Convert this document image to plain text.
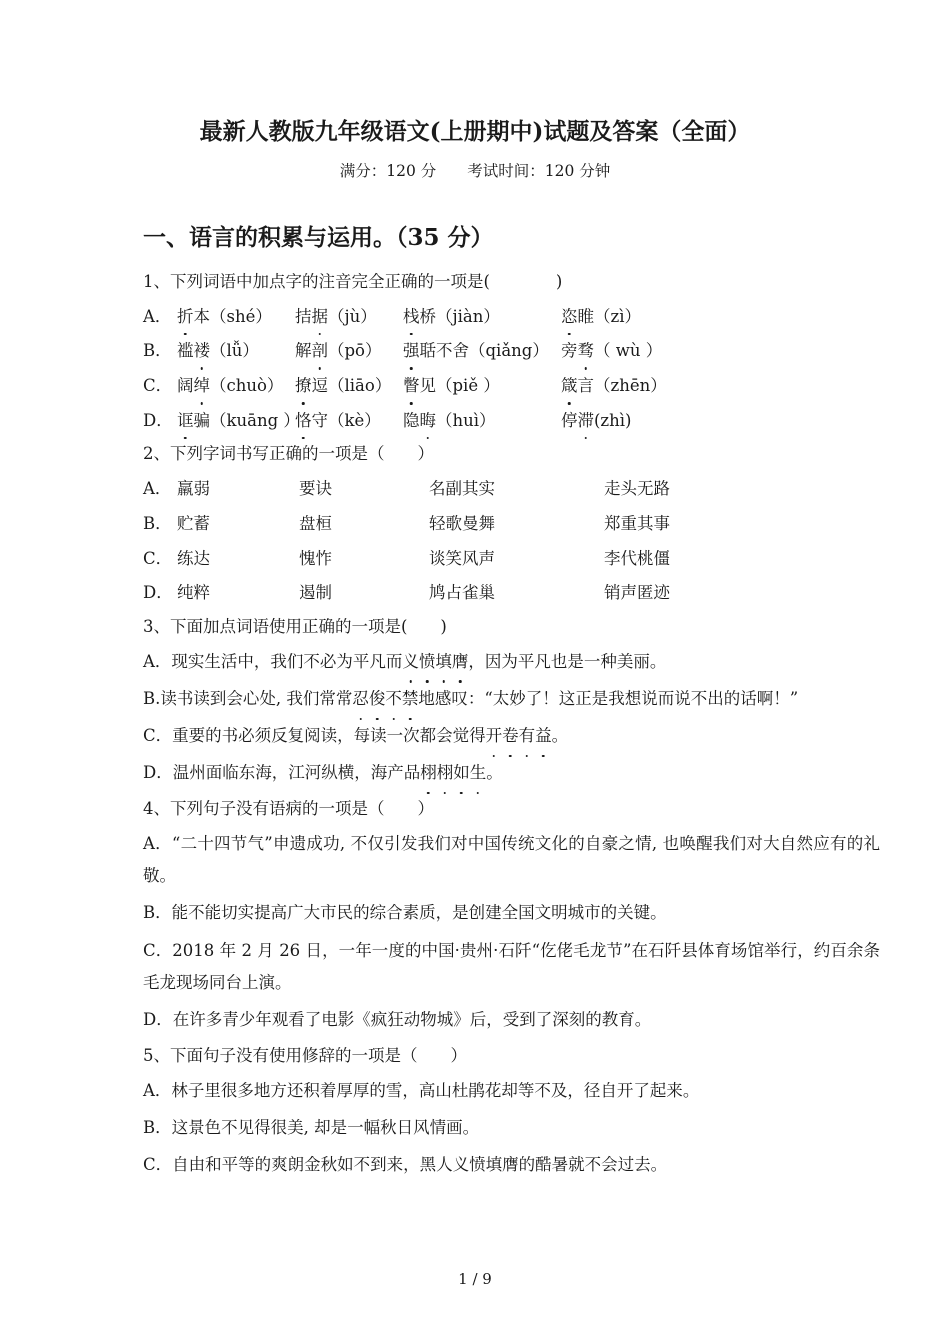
最新人教版九年级语文(上册期中)试题及答案（全面）
满分：120 分　　考试时间：120 分钟
一、语言的积累与运用。（35 分）

1、下列词语中加点字的注音完全正确的一项是(　　　　)

A． 折本（shé） 拮据（jù） 栈桥（jiàn）	恣睢（zì）

B． 褴褛（lǚ） 解剖（pō） 强聒不舍（qiǎng） 旁骛（ wù ）

C． 阔绰（chuò） 撩逗（liāo） 瞥见（piě ）	箴言（zhēn）

D． 诓骗（kuāng ）恪守（kè） 隐晦（huì）	停滞(zhì)

2、下列字词书写正确的一项是（　　）

A． 羸弱	要诀	名副其实	走头无路

B． 贮蓄	盘桓	轻歌曼舞	郑重其事

C． 练达	愧怍	谈笑风声	李代桃僵

D． 纯粹	遏制	鸠占雀巢	销声匿迹

3、下面加点词语使用正确的一项是(　　)

A．现实生活中，我们不必为平凡而义愤填膺，因为平凡也是一种美丽。

B.读书读到会心处, 我们常常忍俊不禁地感叹：“太妙了！这正是我想说而说不出的话啊！”

C．重要的书必须反复阅读，每读一次都会觉得开卷有益。

D．温州面临东海，江河纵横，海产品栩栩如生。

4、下列句子没有语病的一项是（　　）

A．“二十四节气”申遗成功, 不仅引发我们对中国传统文化的自豪之情, 也唤醒我们对大自然应有的礼敬。

B．能不能切实提高广大市民的综合素质，是创建全国文明城市的关键。

C．2018 年 2 月 26 日，一年一度的中国·贵州·石阡“仡佬毛龙节”在石阡县体育场馆举行，约百余条毛龙现场同台上演。

D．在许多青少年观看了电影《疯狂动物城》后，受到了深刻的教育。

5、下面句子没有使用修辞的一项是（　　）

A．林子里很多地方还积着厚厚的雪，高山杜鹃花却等不及，径自开了起来。

B．这景色不见得很美, 却是一幅秋日风情画。

C．自由和平等的爽朗金秋如不到来，黑人义愤填膺的酷暑就不会过去。

1 / 9
